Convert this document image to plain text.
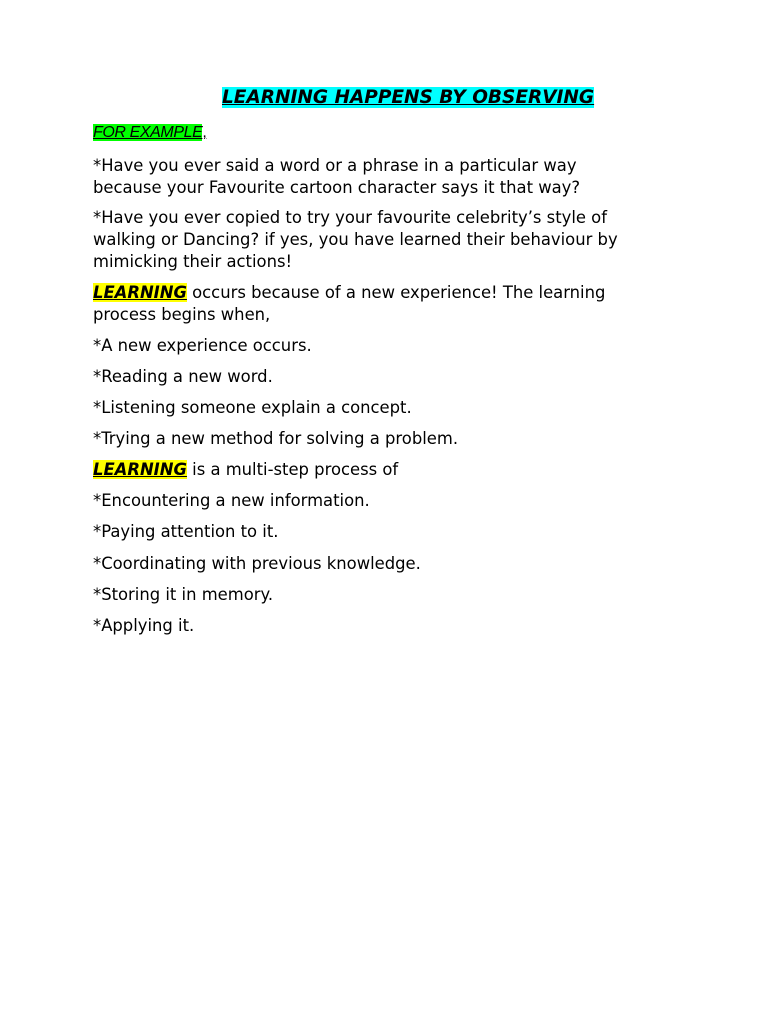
LEARNING HAPPENS BY OBSERVING
FOR EXAMPLE,
*Have you ever said a word or a phrase in a particular way
because your Favourite cartoon character says it that way?
*Have you ever copied to try your favourite celebrity’s style of
walking or Dancing? if yes, you have learned their behaviour by
mimicking their actions!
LEARNING occurs because of a new experience! The learning
process begins when,
*A new experience occurs.
*Reading a new word.
*Listening someone explain a concept.
*Trying a new method for solving a problem.
LEARNING is a multi-step process of
*Encountering a new information.
*Paying attention to it.
*Coordinating with previous knowledge.
*Storing it in memory.
*Applying it.
